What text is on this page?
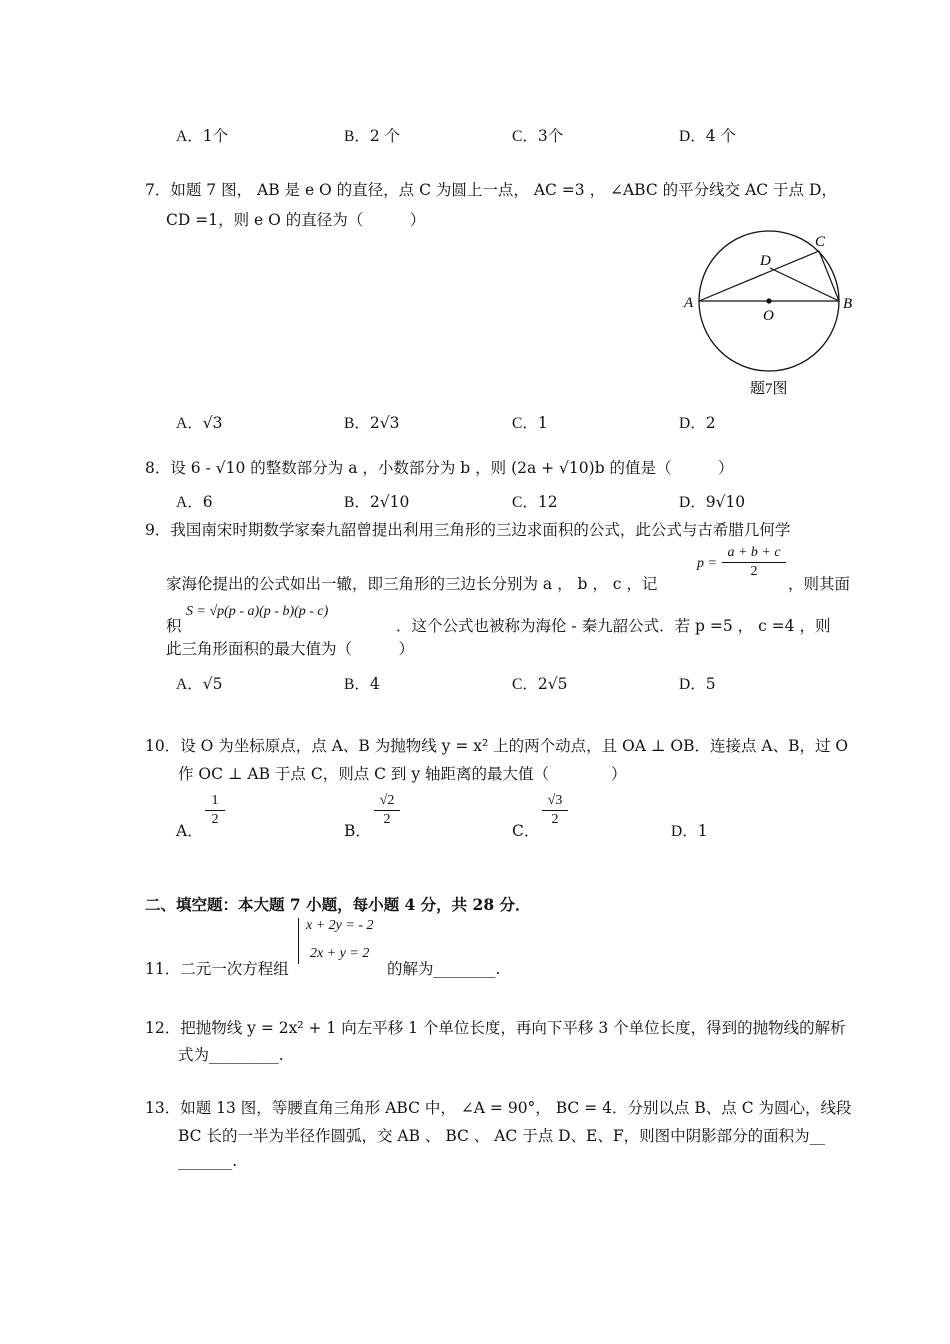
A．1个	B．2 个	C．3个	D．4 个
7．如题 7 图， AB 是 e O 的直径，点 C 为圆上一点， AC =3 ， ∠ABC 的平分线交 AC 于点 D，
CD =1，则 e O 的直径为（　　　）
A	B
C
D
O
题7图
A．√3	B．2√3	C．1	D．2
8．设 6 - √10 的整数部分为 a ，小数部分为 b ，则 (2a + √10)b 的值是（　　　）
A．6	B．2√10	C．12	D．9√10
9．我国南宋时期数学家秦九韶曾提出利用三角形的三边求面积的公式，此公式与古希腊几何学
家海伦提出的公式如出一辙，即三角形的三边长分别为 a ， b ， c ，记
p =
a + b + c
2
，则其面
积
S = √p(p - a)(p - b)(p - c)
．这个公式也被称为海伦 - 秦九韶公式．若 p =5 ， c =4 ，则
此三角形面积的最大值为（　　　）
A．√5	B．4	C．2√5	D．5
10．设 O 为坐标原点，点 A、B 为抛物线 y = x² 上的两个动点，且 OA ⊥ OB．连接点 A、B，过 O
作 OC ⊥ AB 于点 C，则点 C 到 y 轴距离的最大值（　　　　）
A．
1
2
B．
√2
2
C．
√3
2
D．1
二、填空题：本大题 7 小题，每小题 4 分，共 28 分．
11．二元一次方程组
x + 2y = - 2
2x + y = 2
的解为________.
12．把抛物线 y = 2x² + 1 向左平移 1 个单位长度，再向下平移 3 个单位长度，得到的抛物线的解析
式为_________.
13．如题 13 图，等腰直角三角形 ABC 中， ∠A = 90°， BC = 4．分别以点 B、点 C 为圆心，线段
BC 长的一半为半径作圆弧，交 AB 、 BC 、 AC 于点 D、E、F，则图中阴影部分的面积为__
_______.
